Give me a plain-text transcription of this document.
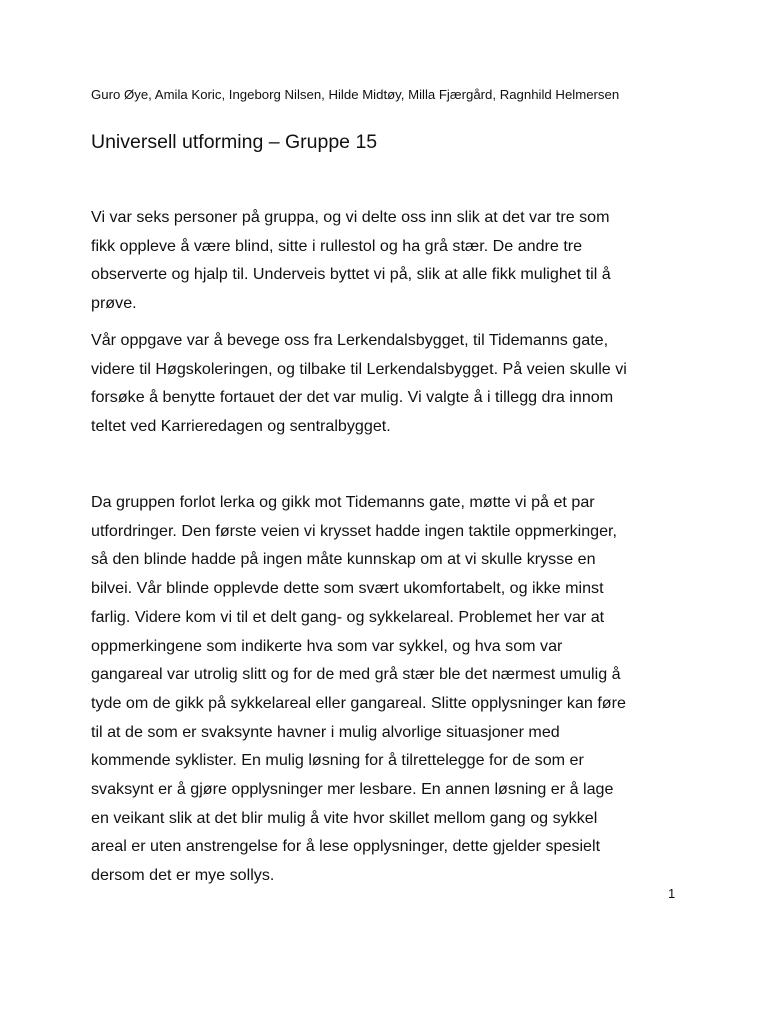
Guro Øye, Amila Koric, Ingeborg Nilsen, Hilde Midtøy, Milla Fjærgård, Ragnhild Helmersen
Universell utforming – Gruppe 15
Vi var seks personer på gruppa, og vi delte oss inn slik at det var tre som
fikk oppleve å være blind, sitte i rullestol og ha grå stær. De andre tre
observerte og hjalp til. Underveis byttet vi på, slik at alle fikk mulighet til å
prøve.
Vår oppgave var å bevege oss fra Lerkendalsbygget, til Tidemanns gate,
videre til Høgskoleringen, og tilbake til Lerkendalsbygget. På veien skulle vi
forsøke å benytte fortauet der det var mulig. Vi valgte å i tillegg dra innom
teltet ved Karrieredagen og sentralbygget.
Da gruppen forlot lerka og gikk mot Tidemanns gate, møtte vi på et par
utfordringer. Den første veien vi krysset hadde ingen taktile oppmerkinger,
så den blinde hadde på ingen måte kunnskap om at vi skulle krysse en
bilvei. Vår blinde opplevde dette som svært ukomfortabelt, og ikke minst
farlig. Videre kom vi til et delt gang- og sykkelareal. Problemet her var at
oppmerkingene som indikerte hva som var sykkel, og hva som var
gangareal var utrolig slitt og for de med grå stær ble det nærmest umulig å
tyde om de gikk på sykkelareal eller gangareal. Slitte opplysninger kan føre
til at de som er svaksynte havner i mulig alvorlige situasjoner med
kommende syklister. En mulig løsning for å tilrettelegge for de som er
svaksynt er å gjøre opplysninger mer lesbare. En annen løsning er å lage
en veikant slik at det blir mulig å vite hvor skillet mellom gang og sykkel
areal er uten anstrengelse for å lese opplysninger, dette gjelder spesielt
dersom det er mye sollys.
1
